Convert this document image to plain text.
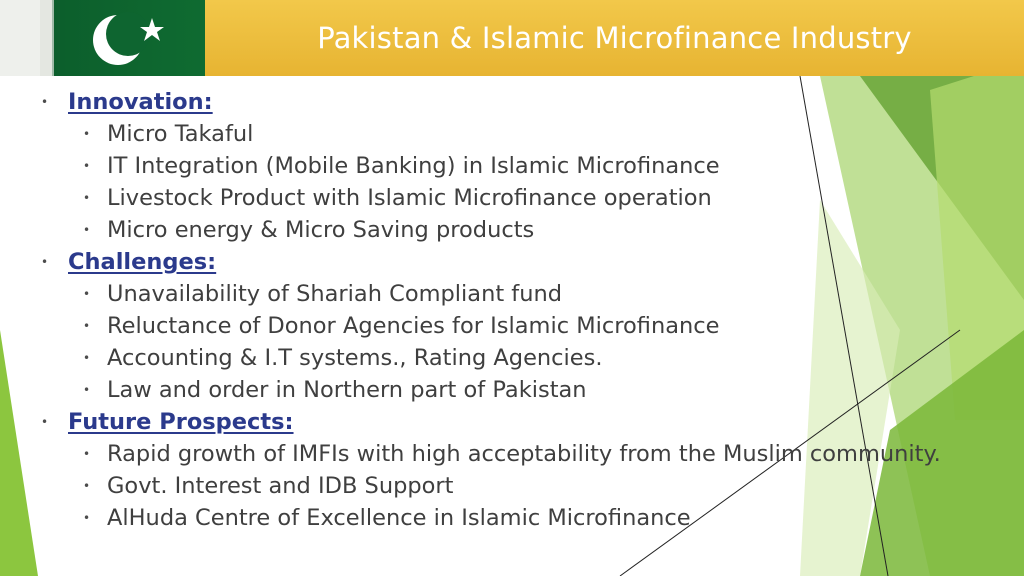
Pakistan & Islamic Microfinance Industry
• Innovation:
• Micro Takaful
• IT Integration (Mobile Banking) in Islamic Microfinance
• Livestock Product with Islamic Microfinance operation
• Micro energy & Micro Saving products
• Challenges:
• Unavailability of Shariah Compliant fund
• Reluctance of Donor Agencies for Islamic Microfinance
• Accounting & I.T systems., Rating Agencies.
• Law and order in Northern part of Pakistan
• Future Prospects:
• Rapid growth of IMFIs with high acceptability from the Muslim community.
• Govt. Interest and IDB Support
• AlHuda Centre of Excellence in Islamic Microfinance
